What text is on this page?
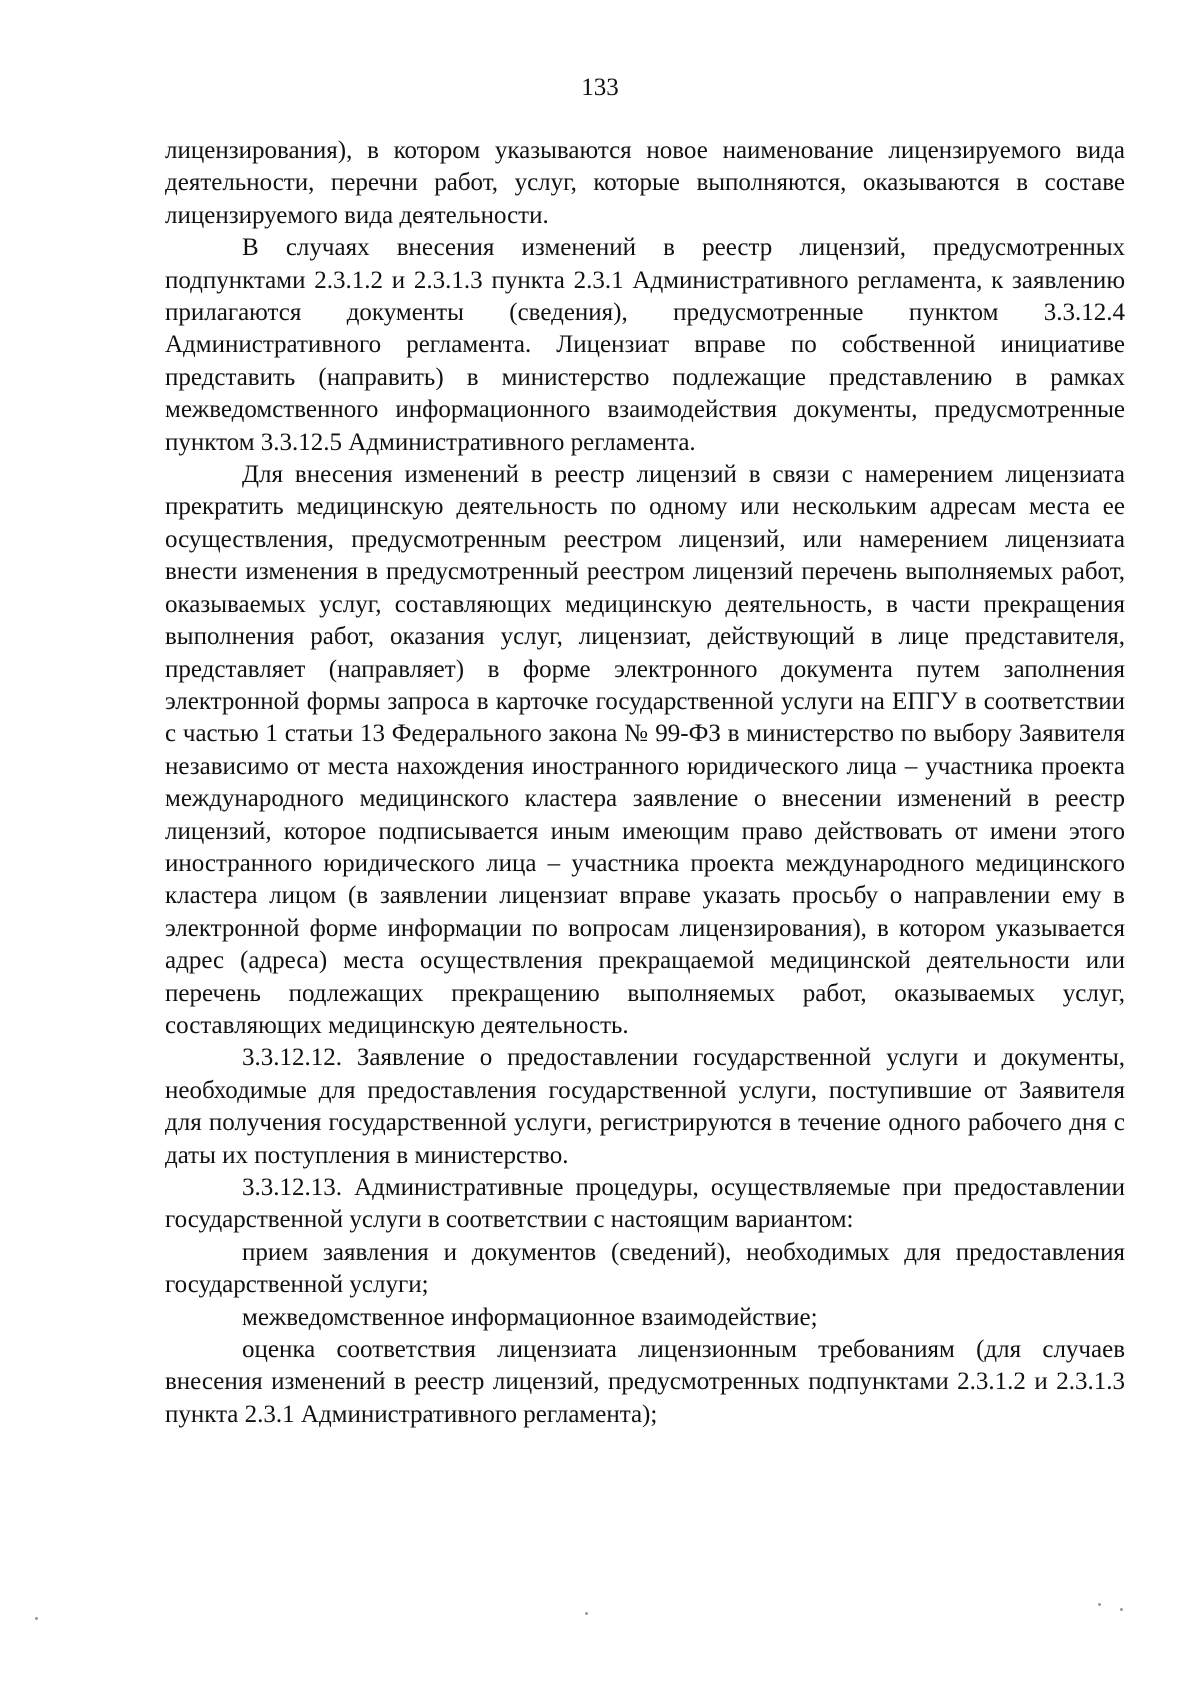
133

лицензирования), в котором указываются новое наименование лицензируемого вида деятельности, перечни работ, услуг, которые выполняются, оказываются в составе лицензируемого вида деятельности.

В случаях внесения изменений в реестр лицензий, предусмотренных подпунктами 2.3.1.2 и 2.3.1.3 пункта 2.3.1 Административного регламента, к заявлению прилагаются документы (сведения), предусмотренные пунктом 3.3.12.4 Административного регламента. Лицензиат вправе по собственной инициативе представить (направить) в министерство подлежащие представлению в рамках межведомственного информационного взаимодействия документы, предусмотренные пунктом 3.3.12.5 Административного регламента.

Для внесения изменений в реестр лицензий в связи с намерением лицензиата прекратить медицинскую деятельность по одному или нескольким адресам места ее осуществления, предусмотренным реестром лицензий, или намерением лицензиата внести изменения в предусмотренный реестром лицензий перечень выполняемых работ, оказываемых услуг, составляющих медицинскую деятельность, в части прекращения выполнения работ, оказания услуг, лицензиат, действующий в лице представителя, представляет (направляет) в форме электронного документа путем заполнения электронной формы запроса в карточке государственной услуги на ЕПГУ в соответствии с частью 1 статьи 13 Федерального закона № 99-ФЗ в министерство по выбору Заявителя независимо от места нахождения иностранного юридического лица – участника проекта международного медицинского кластера заявление о внесении изменений в реестр лицензий, которое подписывается иным имеющим право действовать от имени этого иностранного юридического лица – участника проекта международного медицинского кластера лицом (в заявлении лицензиат вправе указать просьбу о направлении ему в электронной форме информации по вопросам лицензирования), в котором указывается адрес (адреса) места осуществления прекращаемой медицинской деятельности или перечень подлежащих прекращению выполняемых работ, оказываемых услуг, составляющих медицинскую деятельность.

3.3.12.12. Заявление о предоставлении государственной услуги и документы, необходимые для предоставления государственной услуги, поступившие от Заявителя для получения государственной услуги, регистрируются в течение одного рабочего дня с даты их поступления в министерство.

3.3.12.13. Административные процедуры, осуществляемые при предоставлении государственной услуги в соответствии с настоящим вариантом:

прием заявления и документов (сведений), необходимых для предоставления государственной услуги;

межведомственное информационное взаимодействие;

оценка соответствия лицензиата лицензионным требованиям (для случаев внесения изменений в реестр лицензий, предусмотренных подпунктами 2.3.1.2 и 2.3.1.3 пункта 2.3.1 Административного регламента);
